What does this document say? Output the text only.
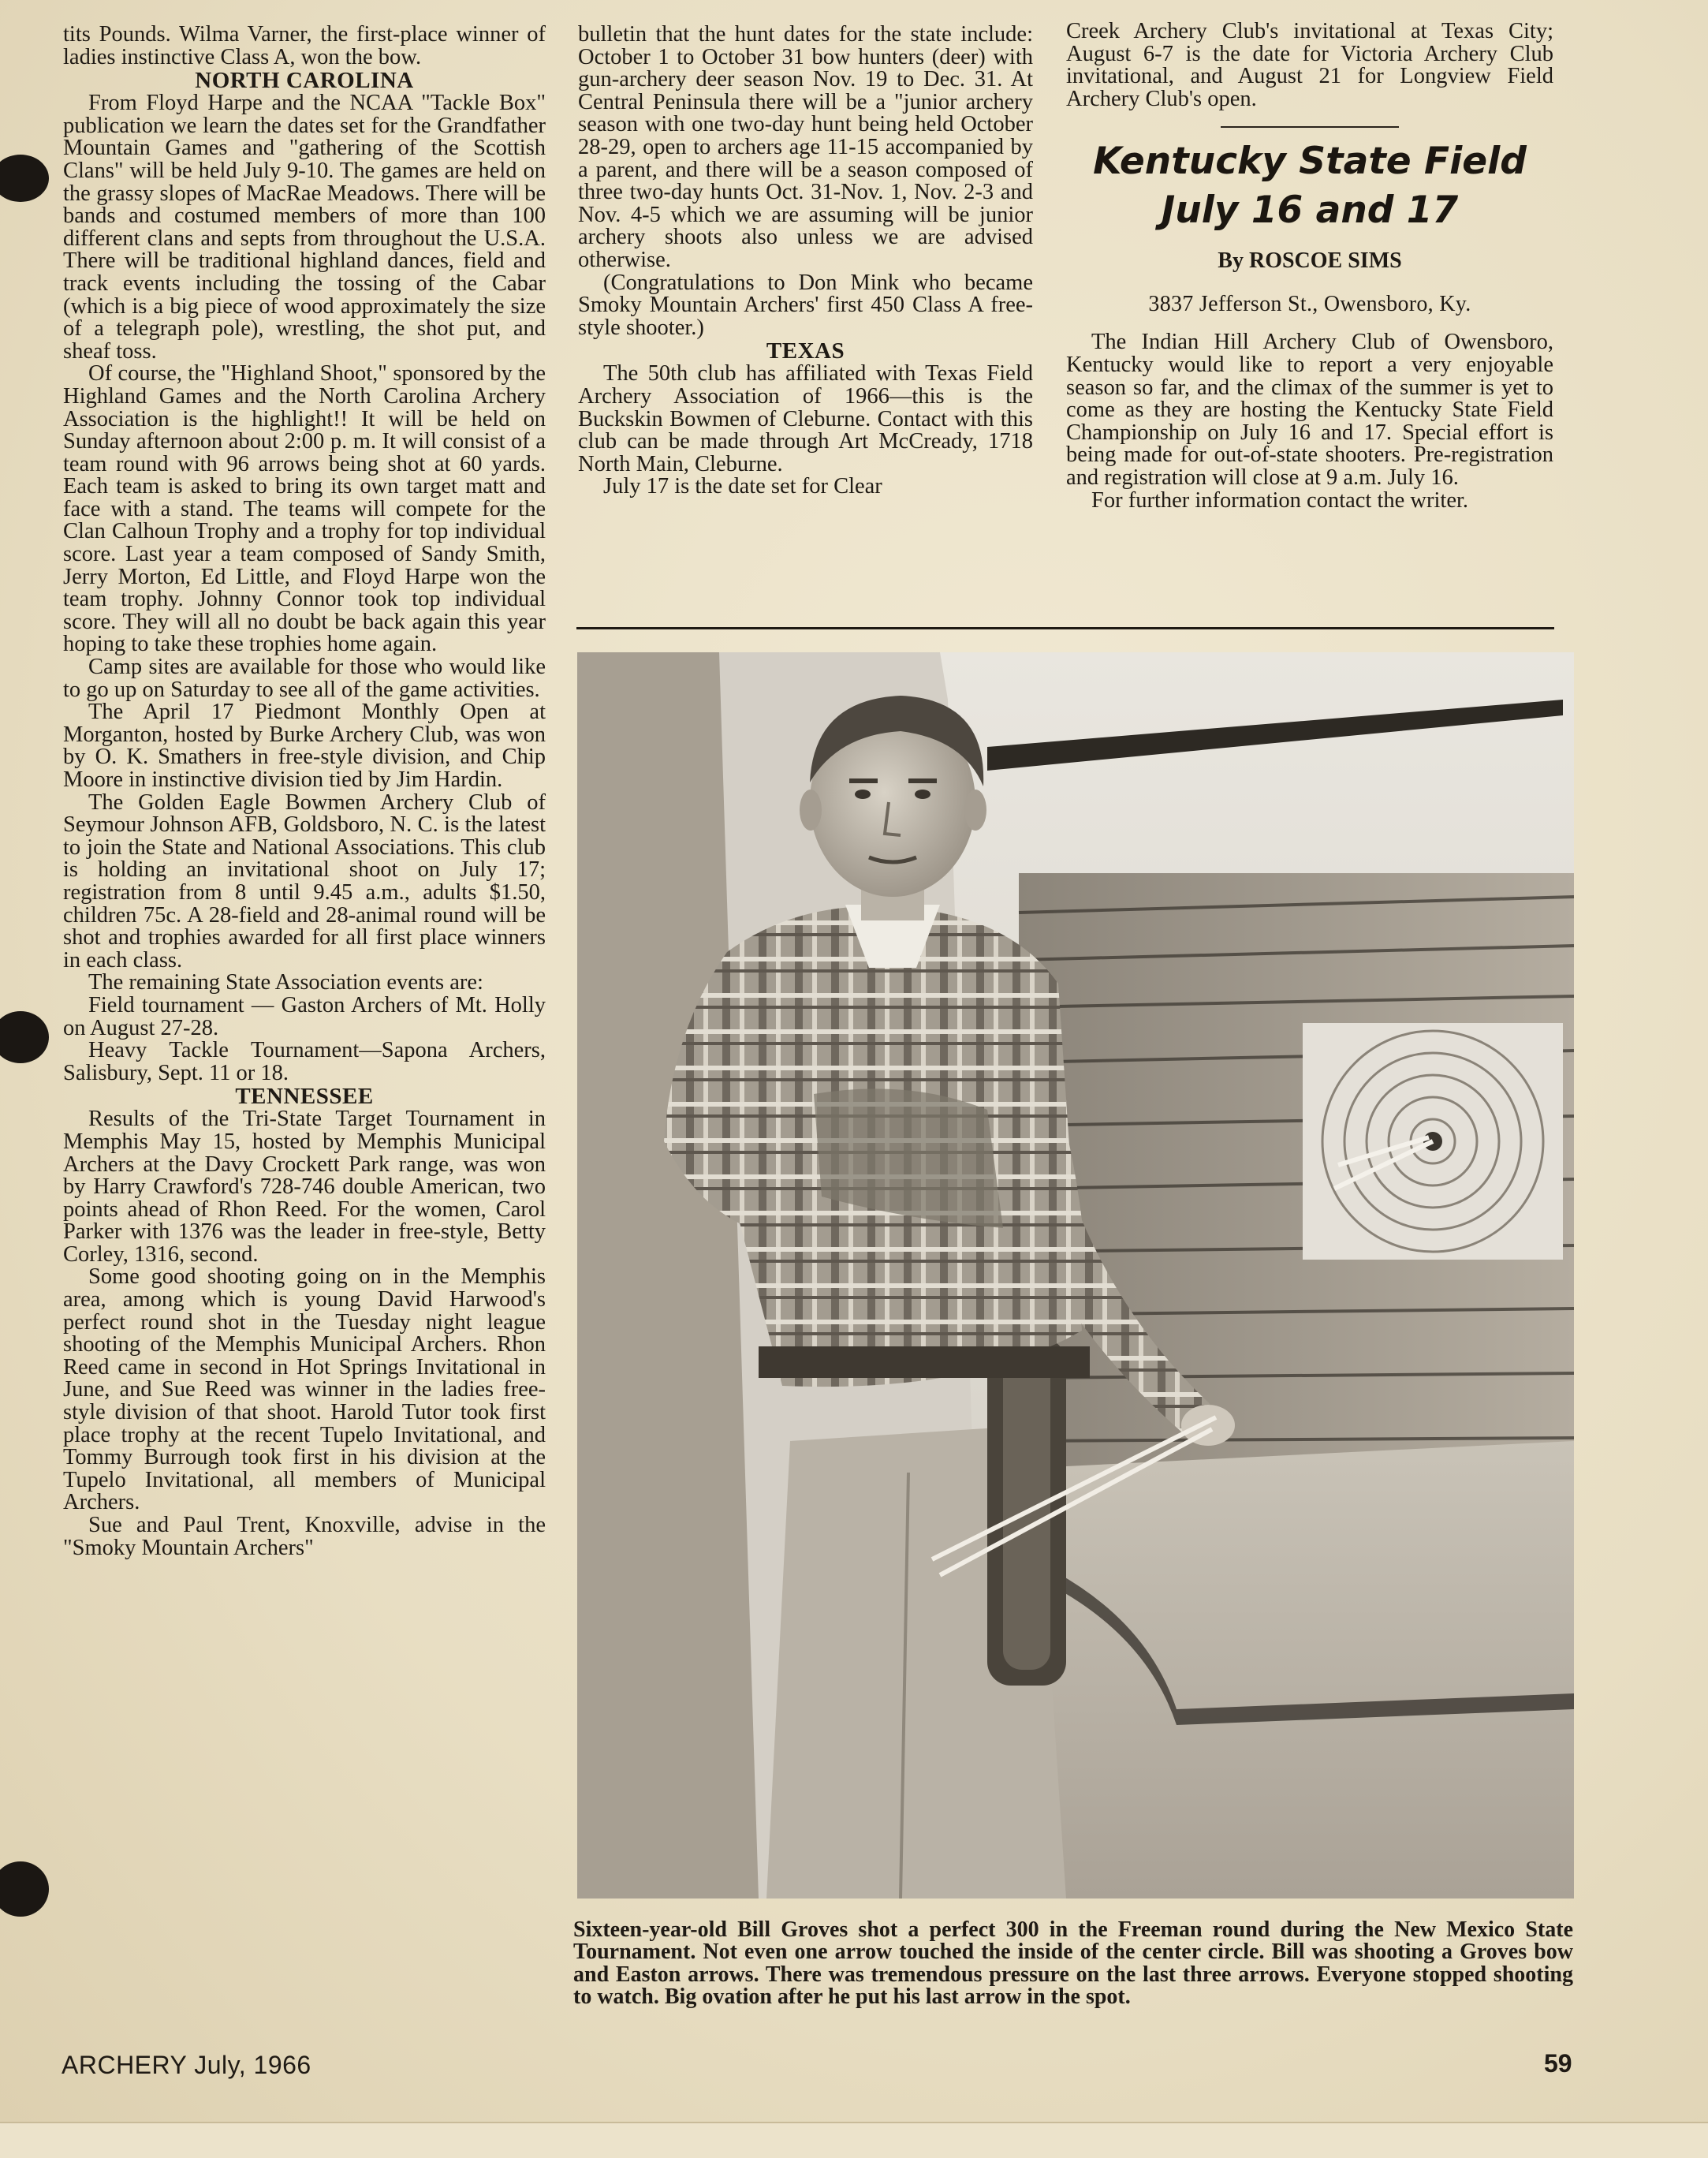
tits Pounds. Wilma Varner, the first-place winner of ladies instinctive Class A, won the bow.

NORTH CAROLINA

From Floyd Harpe and the NCAA "Tackle Box" publication we learn the dates set for the Grandfather Mountain Games and "gathering of the Scottish Clans" will be held July 9-10. The games are held on the grassy slopes of MacRae Meadows. There will be bands and costumed members of more than 100 different clans and septs from throughout the U.S.A. There will be traditional highland dances, field and track events including the tossing of the Cabar (which is a big piece of wood approximately the size of a telegraph pole), wrestling, the shot put, and sheaf toss.

Of course, the "Highland Shoot," sponsored by the Highland Games and the North Carolina Archery Association is the highlight!! It will be held on Sunday afternoon about 2:00 p. m. It will consist of a team round with 96 arrows being shot at 60 yards. Each team is asked to bring its own target matt and face with a stand. The teams will compete for the Clan Calhoun Trophy and a trophy for top individual score. Last year a team composed of Sandy Smith, Jerry Morton, Ed Little, and Floyd Harpe won the team trophy. Johnny Connor took top individual score. They will all no doubt be back again this year hoping to take these trophies home again.

Camp sites are available for those who would like to go up on Saturday to see all of the game activities.

The April 17 Piedmont Monthly Open at Morganton, hosted by Burke Archery Club, was won by O. K. Smathers in free-style division, and Chip Moore in instinctive division tied by Jim Hardin.

The Golden Eagle Bowmen Archery Club of Seymour Johnson AFB, Goldsboro, N. C. is the latest to join the State and National Associations. This club is holding an invitational shoot on July 17; registration from 8 until 9.45 a.m., adults $1.50, children 75c. A 28-field and 28-animal round will be shot and trophies awarded for all first place winners in each class.

The remaining State Association events are:

Field tournament — Gaston Archers of Mt. Holly on August 27-28.

Heavy Tackle Tournament—Sapona Archers, Salisbury, Sept. 11 or 18.

TENNESSEE

Results of the Tri-State Target Tournament in Memphis May 15, hosted by Memphis Municipal Archers at the Davy Crockett Park range, was won by Harry Crawford's 728-746 double American, two points ahead of Rhon Reed. For the women, Carol Parker with 1376 was the leader in free-style, Betty Corley, 1316, second.

Some good shooting going on in the Memphis area, among which is young David Harwood's perfect round shot in the Tuesday night league shooting of the Memphis Municipal Archers. Rhon Reed came in second in Hot Springs Invitational in June, and Sue Reed was winner in the ladies free-style division of that shoot. Harold Tutor took first place trophy at the recent Tupelo Invitational, and Tommy Burrough took first in his division at the Tupelo Invitational, all members of Municipal Archers.

Sue and Paul Trent, Knoxville, advise in the "Smoky Mountain Archers"

bulletin that the hunt dates for the state include: October 1 to October 31 bow hunters (deer) with gun-archery deer season Nov. 19 to Dec. 31. At Central Peninsula there will be a "junior archery season with one two-day hunt being held October 28-29, open to archers age 11-15 accompanied by a parent, and there will be a season composed of three two-day hunts Oct. 31-Nov. 1, Nov. 2-3 and Nov. 4-5 which we are assuming will be junior archery shoots also unless we are advised otherwise.

(Congratulations to Don Mink who became Smoky Mountain Archers' first 450 Class A free-style shooter.)

TEXAS

The 50th club has affiliated with Texas Field Archery Association of 1966—this is the Buckskin Bowmen of Cleburne. Contact with this club can be made through Art McCready, 1718 North Main, Cleburne.

July 17 is the date set for Clear

Creek Archery Club's invitational at Texas City; August 6-7 is the date for Victoria Archery Club invitational, and August 21 for Longview Field Archery Club's open.

Kentucky State Field
July 16 and 17
By ROSCOE SIMS
3837 Jefferson St., Owensboro, Ky.

The Indian Hill Archery Club of Owensboro, Kentucky would like to report a very enjoyable season so far, and the climax of the summer is yet to come as they are hosting the Kentucky State Field Championship on July 16 and 17. Special effort is being made for out-of-state shooters. Pre-registration and registration will close at 9 a.m. July 16.

For further information contact the writer.

Sixteen-year-old Bill Groves shot a perfect 300 in the Freeman round during the New Mexico State Tournament. Not even one arrow touched the inside of the center circle. Bill was shooting a Groves bow and Easton arrows. There was tremendous pressure on the last three arrows. Everyone stopped shooting to watch. Big ovation after he put his last arrow in the spot.
ARCHERY July, 1966	59
